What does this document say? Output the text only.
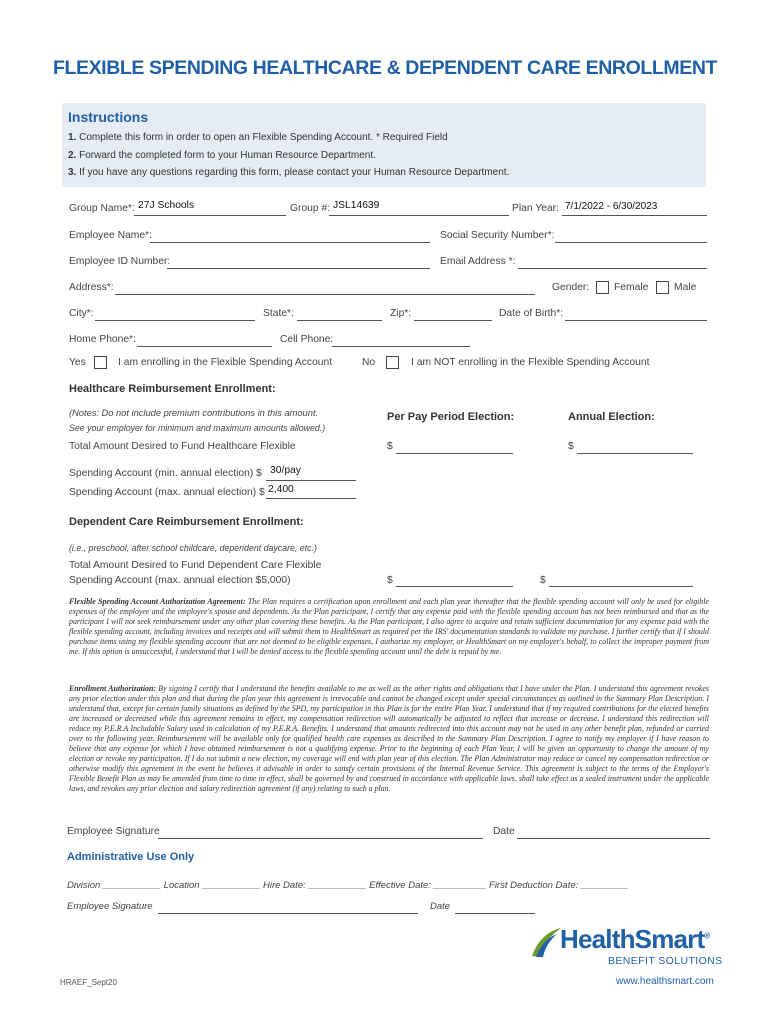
FLEXIBLE SPENDING HEALTHCARE & DEPENDENT CARE ENROLLMENT
Instructions
1. Complete this form in order to open an Flexible Spending Account. * Required Field
2. Forward the completed form to your Human Resource Department.
3. If you have any questions regarding this form, please contact your Human Resource Department.
Group Name*: 27J Schools	Group #: JSL14639	Plan Year: 7/1/2022 - 6/30/2023
Employee Name*:	Social Security Number*:
Employee ID Number:	Email Address *:
Address*:	Gender: Female Male
City*:	State*:	Zip*:	Date of Birth*:
Home Phone*:	Cell Phone:
Yes	I am enrolling in the Flexible Spending Account	No	I am NOT enrolling in the Flexible Spending Account
Healthcare Reimbursement Enrollment:
(Notes: Do not include premium contributions in this amount.
See your employer for minimum and maximum amounts allowed.)
Per Pay Period Election:	Annual Election:
Total Amount Desired to Fund Healthcare Flexible	$	$
Spending Account (min. annual election) $ 30/pay
Spending Account (max. annual election) $ 2,400
Dependent Care Reimbursement Enrollment:
(i.e., preschool, after school childcare, dependent daycare, etc.)
Total Amount Desired to Fund Dependent Care Flexible
Spending Account (max. annual election $5,000)	$	$
Flexible Spending Account Authorization Agreement: The Plan requires a certification upon enrollment and each plan year thereafter that the flexible spending account will only be used for eligible expenses of the employee and the employee's spouse and dependents. As the Plan participant, I certify that any expense paid with the flexible spending account has not been reimbursed and that as the participant I will not seek reimbursement under any other plan covering these benefits. As the Plan participant, I also agree to acquire and retain sufficient documentation for any expense paid with the flexible spending account, including invoices and receipts and will submit them to HealthSmart as required per the IRS' documentation standards to validate my purchase. I further certify that if I should purchase items using my flexible spending account that are not deemed to be eligible expenses, I authorize my employer, or HealthSmart on my employer's behalf, to collect the improper payment from me. If this option is unsuccessful, I understand that I will be denied access to the flexible spending account until the debt is repaid by me.
Enrollment Authorization: By signing I certify that I understand the benefits available to me as well as the other rights and obligations that I have under the Plan. I understand this agreement revokes any prior election under this plan and that during the plan year this agreement is irrevocable and cannot be changed except under special circumstances as outlined in the Summary Plan Description. I understand that, except for certain family situations as defined by the SPD, my participation in this Plan is for the entire Plan Year. I understand that if my required contributions for the elected benefits are increased or decreased while this agreement remains in effect, my compensation redirection will automatically be adjusted to reflect that increase or decrease. I understand this redirection will reduce my P.E.R.A Includable Salary used in calculation of my P.E.R.A. Benefits. I understand that amounts redirected into this account may not be used in any other benefit plan, refunded or carried over to the following year. Reimbursement will be available only for qualified health care expenses as described in the Summary Plan Description. I agree to notify my employer if I have reason to believe that any expense for which I have obtained reimbursement is not a qualifying expense. Prior to the beginning of each Plan Year, I will be given an opportunity to change the amount of my election or revoke my participation. If I do not submit a new election, my coverage will end with plan year of this election. The Plan Administrator may reduce or cancel my compensation redirection or otherwise modify this agreement in the event he believes it advisable in order to satisfy certain provisions of the Internal Revenue Service. This agreement is subject to the terms of the Employer's Flexible Benefit Plan as may be amended from time to time in effect, shall be governed by and construed in accordance with applicable laws, shall take effect as a sealed instrument under the applicable laws, and revokes any prior election and salary redirection agreement (if any) relating to such a plan.
Employee Signature	Date
Administrative Use Only
Division ___________ Location ___________ Hire Date: ___________ Effective Date: __________ First Deduction Date: _________
Employee Signature	Date
HealthSmart®
BENEFIT SOLUTIONS
HRAEF_Sept20	www.healthsmart.com
